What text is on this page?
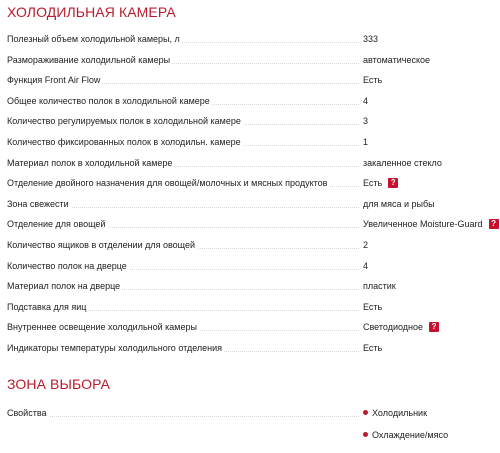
ХОЛОДИЛЬНАЯ КАМЕРА
Полезный объем холодильной камеры, л	333
Размораживание холодильной камеры	автоматическое
Функция Front Air Flow	Есть
Общее количество полок в холодильной камере	4
Количество регулируемых полок в холодильной камере	3
Количество фиксированных полок в холодильн. камере	1
Материал полок в холодильной камере	закаленное стекло
Отделение двойного назначения для овощей/молочных и мясных продуктов	Есть ?
Зона свежести	для мяса и рыбы
Отделение для овощей	Увеличенное Moisture-Guard ?
Количество ящиков в отделении для овощей	2
Количество полок на дверце	4
Материал полок на дверце	пластик
Подставка для яиц	Есть
Внутреннее освещение холодильной камеры	Светодиодное ?
Индикаторы температуры холодильного отделения	Есть
ЗОНА ВЫБОРА
Свойства	Холодильник
Охлаждение/мясо
